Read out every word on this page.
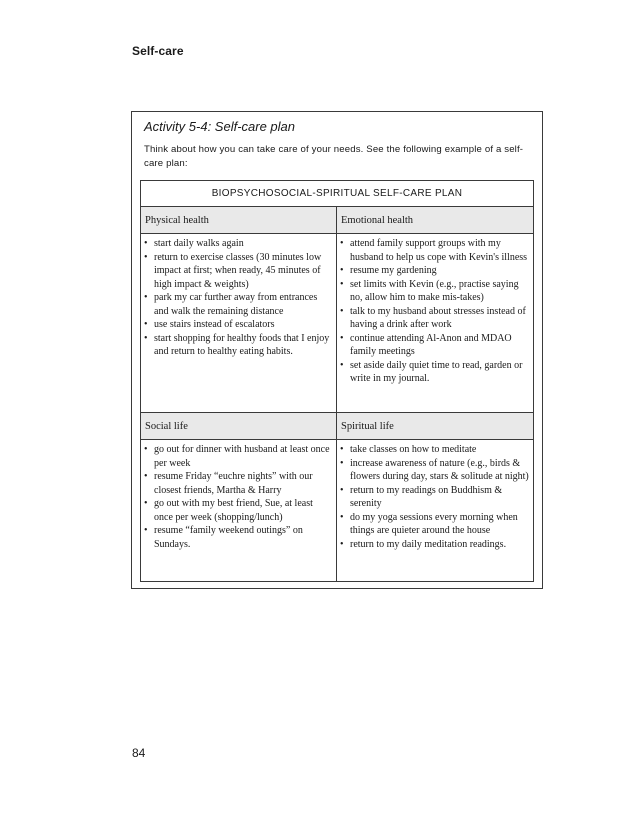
Self-care
Activity 5-4: Self-care plan

Think about how you can take care of your needs. See the following example of a self-care plan:

BIOPSYCHOSOCIAL-SPIRITUAL SELF-CARE PLAN
Physical health	Emotional health
• start daily walks again
• return to exercise classes (30 minutes low impact at first; when ready, 45 minutes of high impact & weights)
• park my car further away from entrances and walk the remaining distance
• use stairs instead of escalators
• start shopping for healthy foods that I enjoy and return to healthy eating habits.
• attend family support groups with my husband to help us cope with Kevin's illness
• resume my gardening
• set limits with Kevin (e.g., practise saying no, allow him to make mis-takes)
• talk to my husband about stresses instead of having a drink after work
• continue attending Al-Anon and MDAO family meetings
• set aside daily quiet time to read, garden or write in my journal.
Social life	Spiritual life
• go out for dinner with husband at least once per week
• resume Friday “euchre nights” with our closest friends, Martha & Harry
• go out with my best friend, Sue, at least once per week (shopping/lunch)
• resume “family weekend outings” on Sundays.
• take classes on how to meditate
• increase awareness of nature (e.g., birds & flowers during day, stars & solitude at night)
• return to my readings on Buddhism & serenity
• do my yoga sessions every morning when things are quieter around the house
• return to my daily meditation readings.
84
